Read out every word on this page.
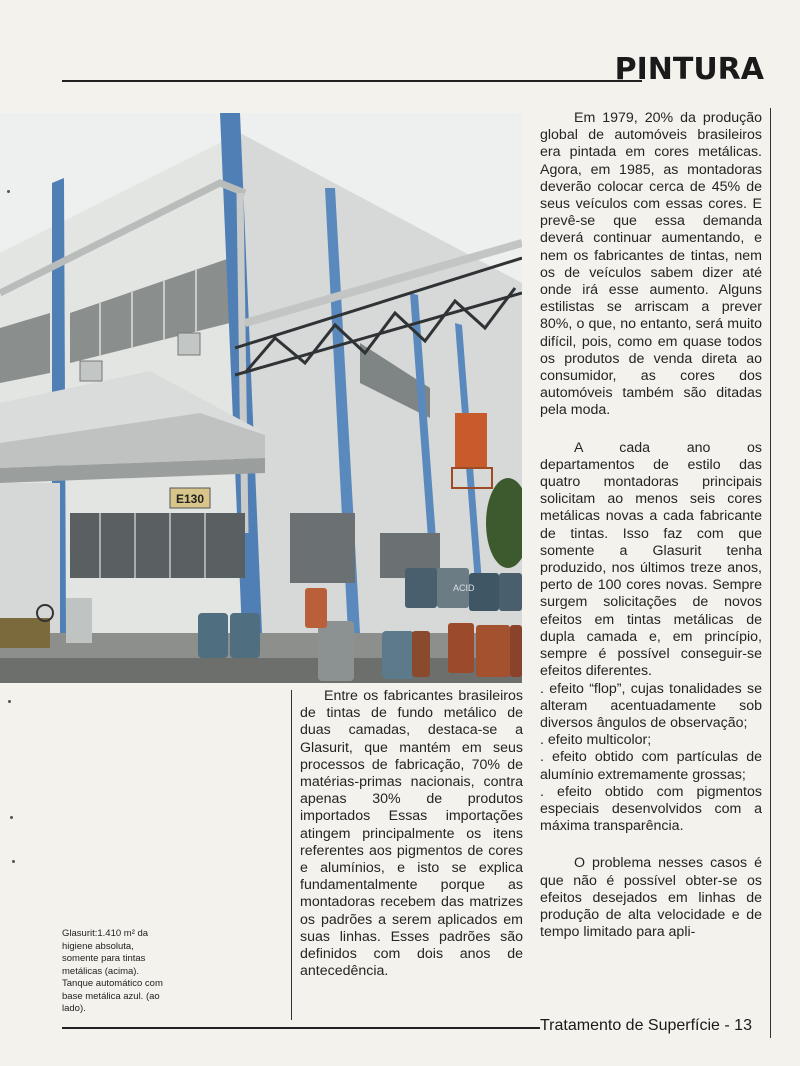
PINTURA
E130
ACID

Em 1979, 20% da produção global de automóveis brasileiros era pintada em cores metálicas. Agora, em 1985, as montadoras deverão colocar cerca de 45% de seus veículos com essas cores. E prevê-se que essa demanda deverá continuar aumentando, e nem os fabricantes de tintas, nem os de veículos sabem dizer até onde irá esse aumento. Alguns estilistas se arriscam a prever 80%, o que, no entanto, será muito difícil, pois, como em quase todos os produtos de venda direta ao consumidor, as cores dos automóveis também são ditadas pela moda.

A cada ano os departamentos de estilo das quatro montadoras principais solicitam ao menos seis cores metálicas novas a cada fabricante de tintas. Isso faz com que somente a Glasurit tenha produzido, nos últimos treze anos, perto de 100 cores novas. Sempre surgem solicitações de novos efeitos em tintas metálicas de dupla camada e, em princípio, sempre é possível conseguir-se efeitos diferentes.

. efeito “flop”, cujas tonalidades se alteram acentuadamente sob diversos ângulos de observação;

. efeito multicolor;

. efeito obtido com partículas de alumínio extremamente grossas;

. efeito obtido com pigmentos especiais desenvolvidos com a máxima transparência.

O problema nesses casos é que não é possível obter-se os efeitos desejados em linhas de produção de alta velocidade e de tempo limitado para apli-

Entre os fabricantes brasileiros de tintas de fundo metálico de duas camadas, destaca-se a Glasurit, que mantém em seus processos de fabricação, 70% de matérias-primas nacionais, contra apenas 30% de produtos importados Essas importações atingem principalmente os itens referentes aos pigmentos de cores e alumínios, e isto se explica fundamentalmente porque as montadoras recebem das matrizes os padrões a serem aplicados em suas linhas. Esses padrões são definidos com dois anos de antecedência.

Glasurit:1.410 m² da higiene absoluta, somente para tintas metálicas (acima). Tanque automático com base metálica azul. (ao lado).
Tratamento de Superfície - 13
